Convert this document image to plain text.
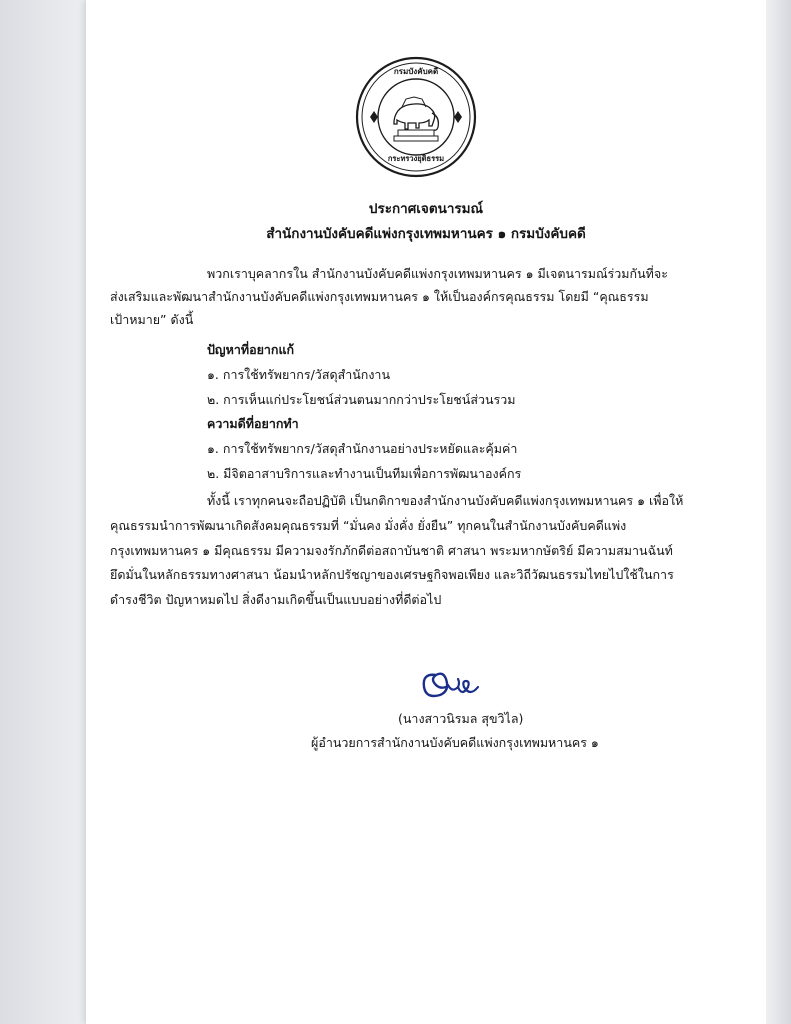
กรมบังคับคดี
กระทรวงยุติธรรม
ประกาศเจตนารมณ์
สำนักงานบังคับคดีแพ่งกรุงเทพมหานคร ๑ กรมบังคับคดี
พวกเราบุคลากรใน สำนักงานบังคับคดีแพ่งกรุงเทพมหานคร ๑ มีเจตนารมณ์ร่วมกันที่จะ
ส่งเสริมและพัฒนาสำนักงานบังคับคดีแพ่งกรุงเทพมหานคร ๑ ให้เป็นองค์กรคุณธรรม โดยมี “คุณธรรม
เป้าหมาย” ดังนี้
ปัญหาที่อยากแก้
๑. การใช้ทรัพยากร/วัสดุสำนักงาน
๒. การเห็นแก่ประโยชน์ส่วนตนมากกว่าประโยชน์ส่วนรวม
ความดีที่อยากทำ
๑. การใช้ทรัพยากร/วัสดุสำนักงานอย่างประหยัดและคุ้มค่า
๒. มีจิตอาสาบริการและทำงานเป็นทีมเพื่อการพัฒนาองค์กร
ทั้งนี้ เราทุกคนจะถือปฏิบัติ เป็นกติกาของสำนักงานบังคับคดีแพ่งกรุงเทพมหานคร ๑ เพื่อให้
คุณธรรมนำการพัฒนาเกิดสังคมคุณธรรมที่ “มั่นคง มั่งคั่ง ยั่งยืน” ทุกคนในสำนักงานบังคับคดีแพ่ง
กรุงเทพมหานคร ๑ มีคุณธรรม มีความจงรักภักดีต่อสถาบันชาติ ศาสนา พระมหากษัตริย์ มีความสมานฉันท์
ยึดมั่นในหลักธรรมทางศาสนา น้อมนำหลักปรัชญาของเศรษฐกิจพอเพียง และวิถีวัฒนธรรมไทยไปใช้ในการ
ดำรงชีวิต ปัญหาหมดไป สิ่งดีงามเกิดขึ้นเป็นแบบอย่างที่ดีต่อไป
(นางสาวนิรมล สุขวิไล)
ผู้อำนวยการสำนักงานบังคับคดีแพ่งกรุงเทพมหานคร ๑
